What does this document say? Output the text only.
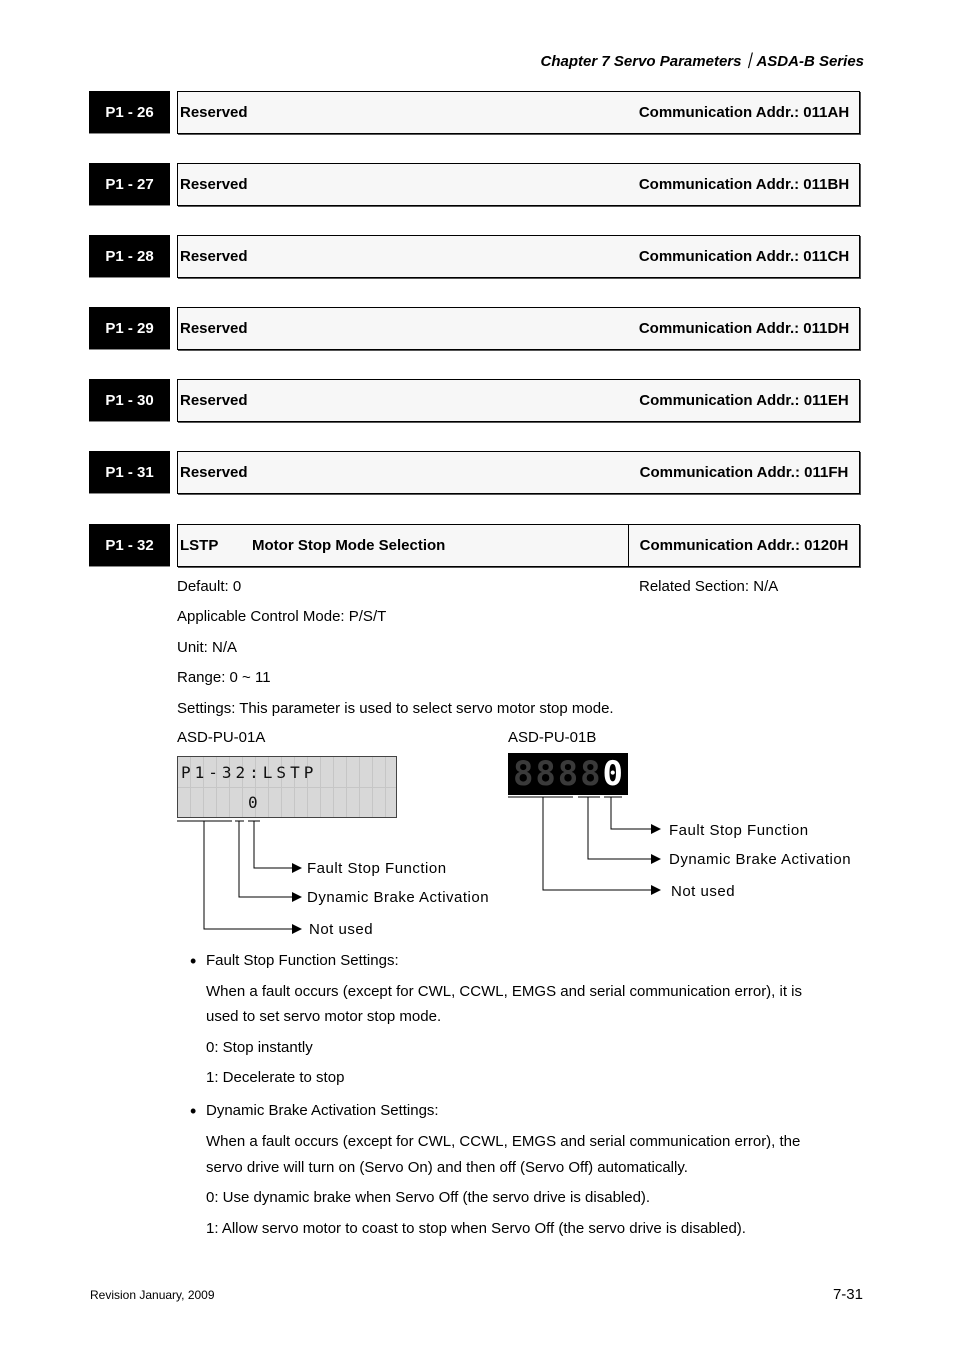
Chapter 7 Servo Parameters｜ASDA-B Series
P1 - 26	Reserved	Communication Addr.: 011AH
P1 - 27	Reserved	Communication Addr.: 011BH
P1 - 28	Reserved	Communication Addr.: 011CH
P1 - 29	Reserved	Communication Addr.: 011DH
P1 - 30	Reserved	Communication Addr.: 011EH
P1 - 31	Reserved	Communication Addr.: 011FH
P1 - 32	LSTP	Motor Stop Mode Selection	Communication Addr.: 0120H
Default: 0	Related Section: N/A
Applicable Control Mode: P/S/T
Unit: N/A
Range: 0 ~ 11
Settings: This parameter is used to select servo motor stop mode.
ASD-PU-01A	ASD-PU-01B
P1-32:LSTP
0
8 8 8 8 0
Fault Stop Function
Dynamic Brake Activation
Not used
Fault Stop Function
Dynamic Brake Activation
Not used
• Fault Stop Function Settings:
When a fault occurs (except for CWL, CCWL, EMGS and serial communication error), it is
used to set servo motor stop mode.
0: Stop instantly
1: Decelerate to stop
• Dynamic Brake Activation Settings:
When a fault occurs (except for CWL, CCWL, EMGS and serial communication error), the
servo drive will turn on (Servo On) and then off (Servo Off) automatically.
0: Use dynamic brake when Servo Off (the servo drive is disabled).
1: Allow servo motor to coast to stop when Servo Off (the servo drive is disabled).
Revision January, 2009	7-31
